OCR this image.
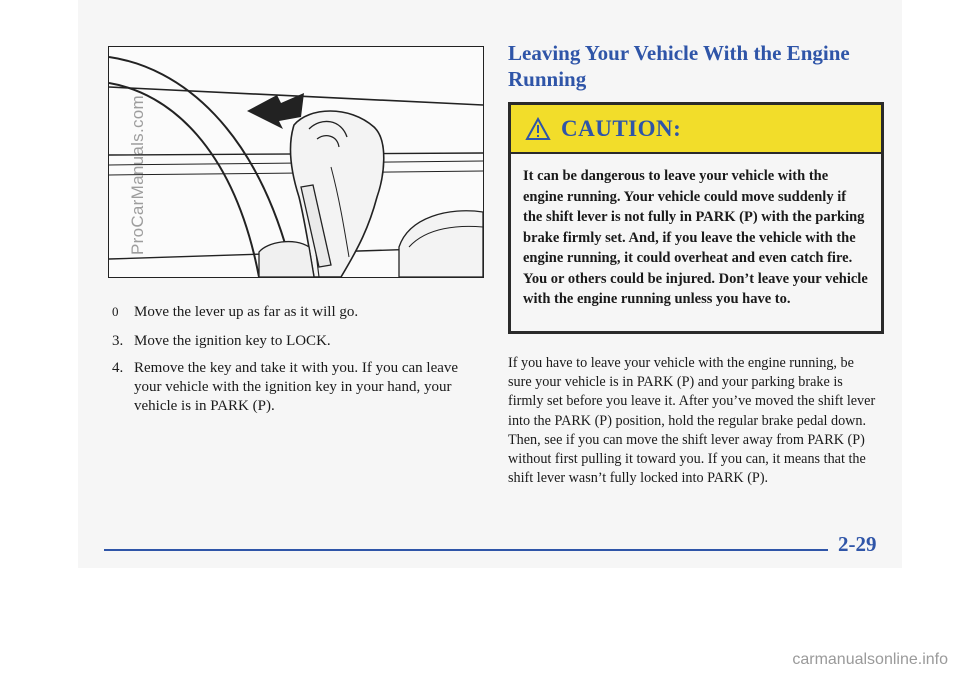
ProCarManuals.com
0 Move the lever up as far as it will go.
3. Move the ignition key to LOCK.
4. Remove the key and take it with you. If you can leave your vehicle with the ignition key in your hand, your vehicle is in PARK (P).
Leaving Your Vehicle With the Engine Running
CAUTION:
It can be dangerous to leave your vehicle with the engine running. Your vehicle could move suddenly if the shift lever is not fully in PARK (P) with the parking brake firmly set. And, if you leave the vehicle with the engine running, it could overheat and even catch fire. You or others could be injured. Don’t leave your vehicle with the engine running unless you have to.
If you have to leave your vehicle with the engine running, be sure your vehicle is in PARK (P) and your parking brake is firmly set before you leave it. After you’ve moved the shift lever into the PARK (P) position, hold the regular brake pedal down. Then, see if you can move the shift lever away from PARK (P) without first pulling it toward you. If you can, it means that the shift lever wasn’t fully locked into PARK (P).
2-29
carmanualsonline.info
